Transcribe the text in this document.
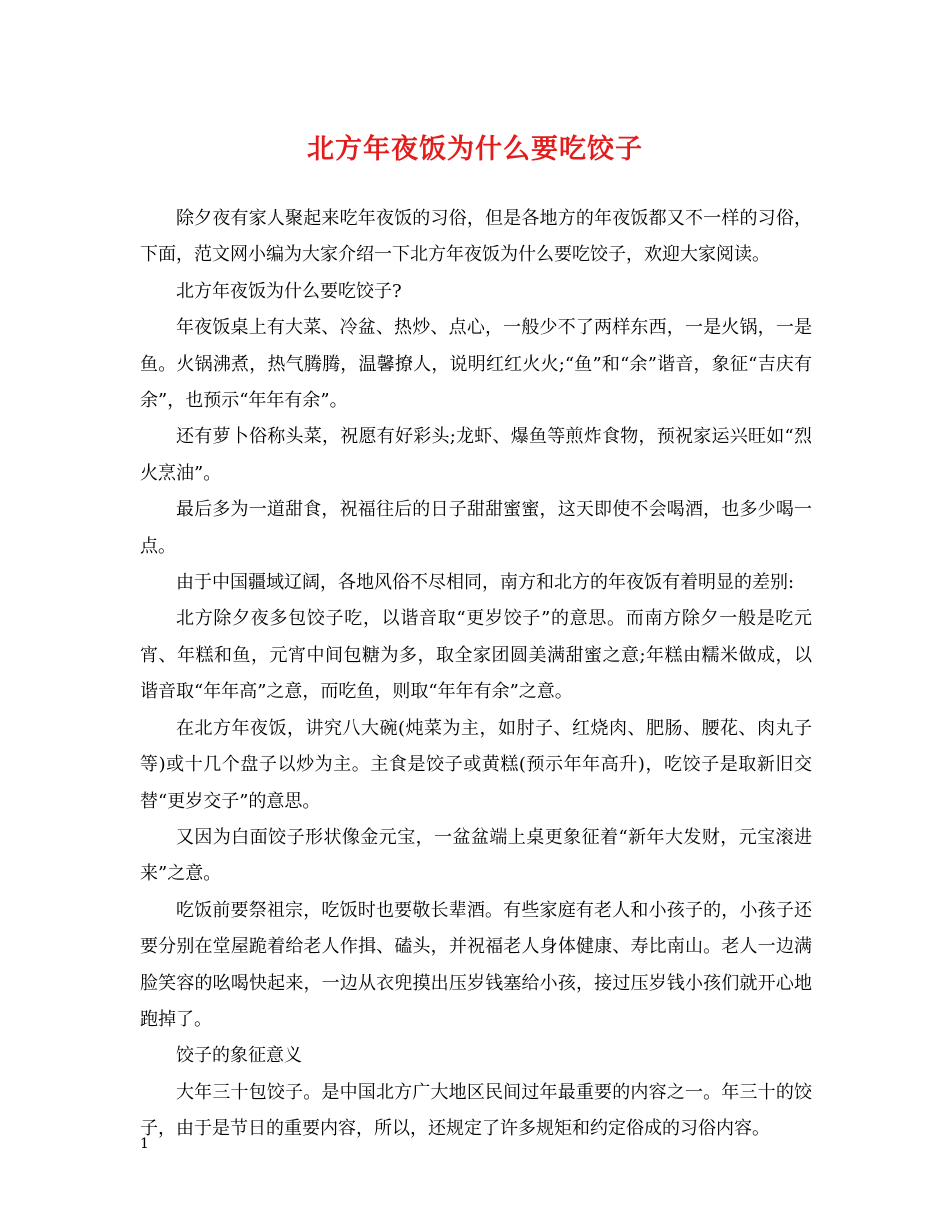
北方年夜饭为什么要吃饺子

除夕夜有家人聚起来吃年夜饭的习俗，但是各地方的年夜饭都又不一样的习俗，下面，范文网小编为大家介绍一下北方年夜饭为什么要吃饺子，欢迎大家阅读。

北方年夜饭为什么要吃饺子?

年夜饭桌上有大菜、冷盆、热炒、点心，一般少不了两样东西，一是火锅，一是鱼。火锅沸煮，热气腾腾，温馨撩人，说明红红火火;“鱼”和“余”谐音，象征“吉庆有余”，也预示“年年有余”。

还有萝卜俗称头菜，祝愿有好彩头;龙虾、爆鱼等煎炸食物，预祝家运兴旺如“烈火烹油”。

最后多为一道甜食，祝福往后的日子甜甜蜜蜜，这天即使不会喝酒，也多少喝一点。

由于中国疆域辽阔，各地风俗不尽相同，南方和北方的年夜饭有着明显的差别:

北方除夕夜多包饺子吃，以谐音取“更岁饺子”的意思。而南方除夕一般是吃元宵、年糕和鱼，元宵中间包糖为多，取全家团圆美满甜蜜之意;年糕由糯米做成，以谐音取“年年高”之意，而吃鱼，则取“年年有余”之意。

在北方年夜饭，讲究八大碗(炖菜为主，如肘子、红烧肉、肥肠、腰花、肉丸子等)或十几个盘子以炒为主。主食是饺子或黄糕(预示年年高升)，吃饺子是取新旧交替“更岁交子”的意思。

又因为白面饺子形状像金元宝，一盆盆端上桌更象征着“新年大发财，元宝滚进来”之意。

吃饭前要祭祖宗，吃饭时也要敬长辈酒。有些家庭有老人和小孩子的，小孩子还要分别在堂屋跪着给老人作揖、磕头，并祝福老人身体健康、寿比南山。老人一边满脸笑容的吆喝快起来，一边从衣兜摸出压岁钱塞给小孩，接过压岁钱小孩们就开心地跑掉了。

饺子的象征意义

大年三十包饺子。是中国北方广大地区民间过年最重要的内容之一。年三十的饺子，由于是节日的重要内容，所以，还规定了许多规矩和约定俗成的习俗内容。

1
